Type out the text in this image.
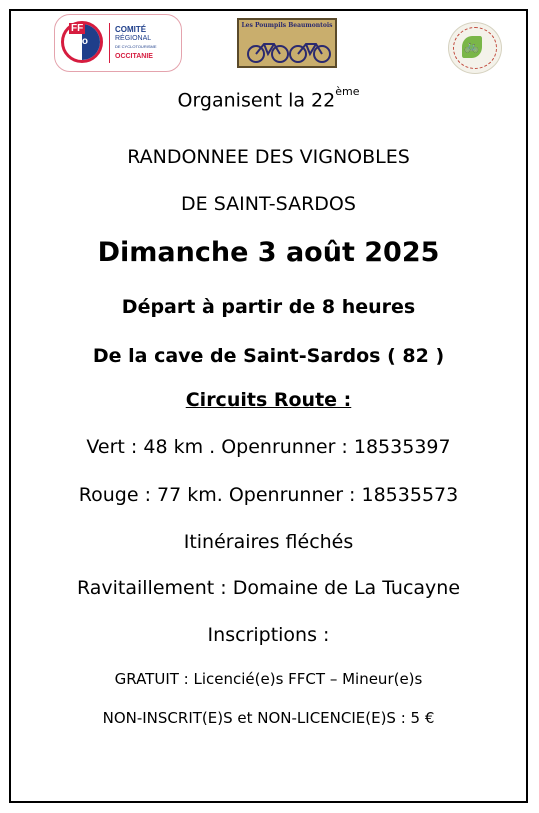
FF
vélo
COMITÉ
RÉGIONAL
DE CYCLOTOURISME
OCCITANIE
Les Poumpils Beaumontois
🚲
Organisent la 22ème
RANDONNEE DES VIGNOBLES
DE SAINT-SARDOS
Dimanche 3 août 2025
Départ à partir de 8 heures
De la cave de Saint-Sardos ( 82 )
Circuits Route :
Vert : 48 km . Openrunner : 18535397
Rouge : 77 km. Openrunner : 18535573
Itinéraires fléchés
Ravitaillement : Domaine de La Tucayne
Inscriptions :
GRATUIT : Licencié(e)s FFCT – Mineur(e)s
NON-INSCRIT(E)S et NON-LICENCIE(E)S : 5 €
